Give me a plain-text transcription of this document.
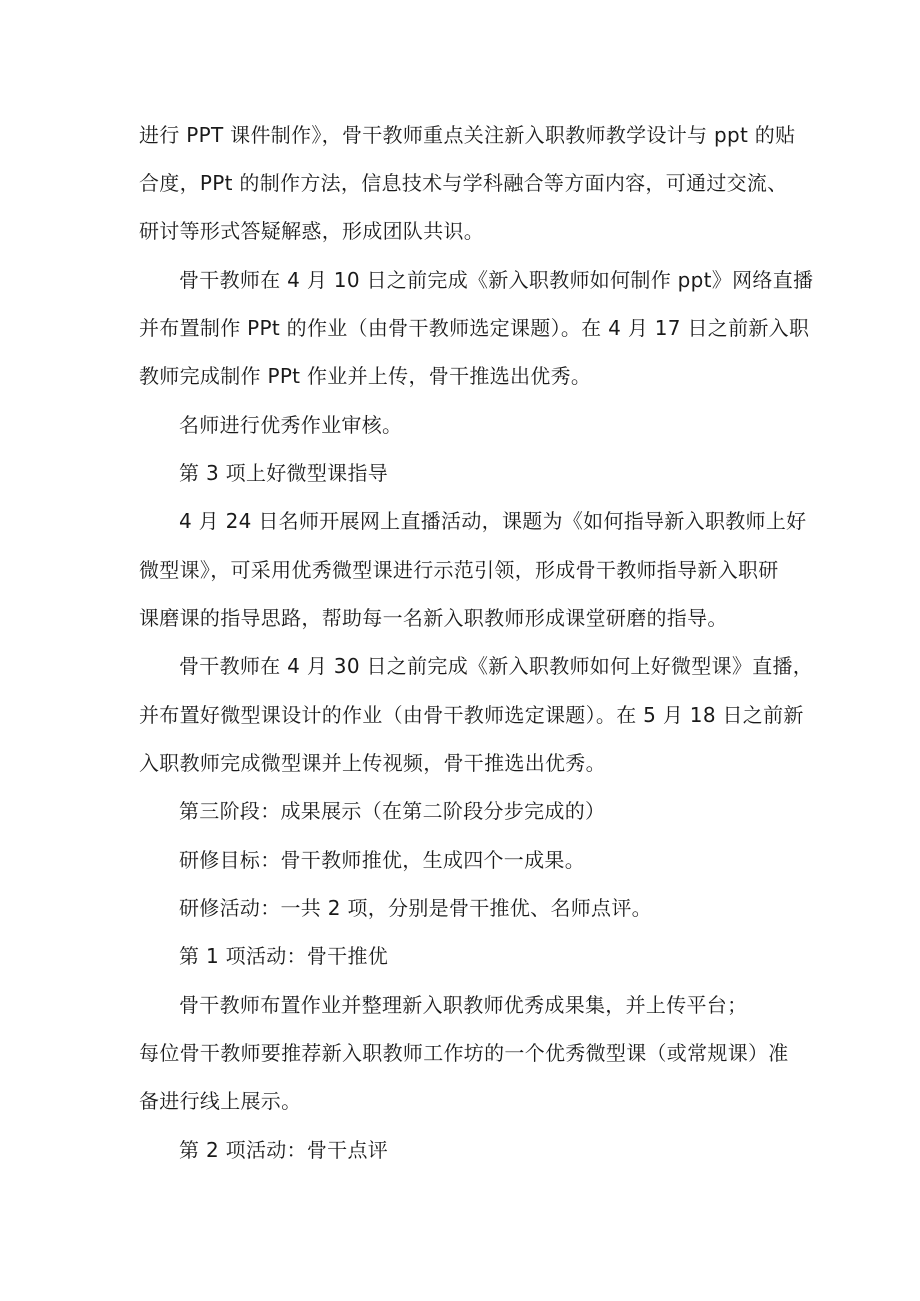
进行 PPT 课件制作》，骨干教师重点关注新入职教师教学设计与 ppt 的贴

合度，PPt 的制作方法，信息技术与学科融合等方面内容，可通过交流、

研讨等形式答疑解惑，形成团队共识。

骨干教师在 4 月 10 日之前完成《新入职教师如何制作 ppt》网络直播

并布置制作 PPt 的作业（由骨干教师选定课题）。在 4 月 17 日之前新入职

教师完成制作 PPt 作业并上传，骨干推选出优秀。

名师进行优秀作业审核。

第 3 项上好微型课指导

4 月 24 日名师开展网上直播活动，课题为《如何指导新入职教师上好

微型课》，可采用优秀微型课进行示范引领，形成骨干教师指导新入职研

课磨课的指导思路，帮助每一名新入职教师形成课堂研磨的指导。

骨干教师在 4 月 30 日之前完成《新入职教师如何上好微型课》直播，

并布置好微型课设计的作业（由骨干教师选定课题）。在 5 月 18 日之前新

入职教师完成微型课并上传视频，骨干推选出优秀。

第三阶段：成果展示（在第二阶段分步完成的）

研修目标：骨干教师推优，生成四个一成果。

研修活动：一共 2 项，分别是骨干推优、名师点评。

第 1 项活动：骨干推优

骨干教师布置作业并整理新入职教师优秀成果集，并上传平台；

每位骨干教师要推荐新入职教师工作坊的一个优秀微型课（或常规课）准

备进行线上展示。

第 2 项活动：骨干点评
